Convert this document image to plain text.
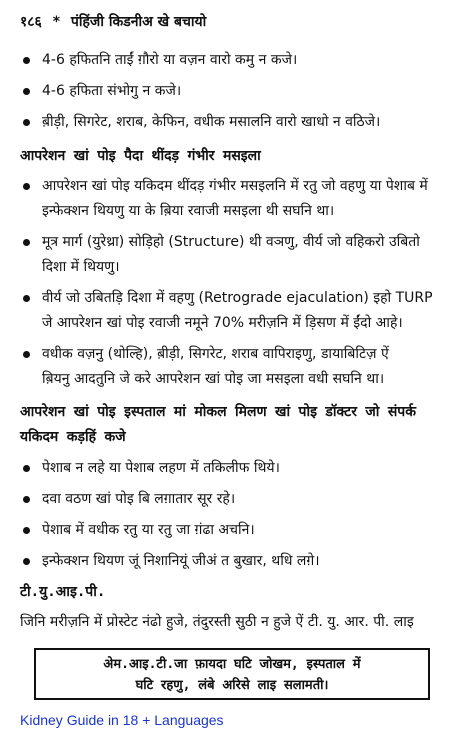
१८६ * पंहिंजी किडनीअ खे बचायो
4-6 हफितनि ताईं ग़ौरो या वज़न वारो कमु न कजे।
4-6 हफिता संभोगु न कजे।
ब़ीड़ी, सिगरेट, शराब, केफिन, वधीक मसालनि वारो खाधो न वठिजे।
आपरेशन खां पोइ पैदा थींदड़ गंभीर मसइला
आपरेशन खां पोइ यकिदम थींदड़ गंभीर मसइलनि में रतु जो वहणु या पेशाब में
इन्फेक्शन थियणु या के ब़िया रवाजी मसइला थी सघनि था।
मूत्र मार्ग (युरेथ्रा) सोड़िहो (Structure) थी वञणु, वीर्य जो वहिकरो उबितो
दिशा में थियणु।
वीर्य जो उबितड़ि दिशा में वहणु (Retrograde ejaculation) इहो TURP
जे आपरेशन खां पोइ रवाजी नमूने 70% मरीज़नि में ड़िसण में ईंदो आहे।
वधीक वज़नु (थोल्हि), ब़ीड़ी, सिगरेट, शराब वापिराइणु, डायाबिटिज़ ऐं
ब़ियनु आदतुनि जे करे आपरेशन खां पोइ जा मसइला वधी सघनि था।
आपरेशन खां पोइ इस्पताल मां मोकल मिलण खां पोइ डॉक्टर जो संपर्क
यकिदम कड़हिं कजे
पेशाब न लहे या पेशाब लहण में तकिलीफ थिये।
दवा वठण खां पोइ बि लग़ातार सूर रहे।
पेशाब में वधीक रतु या रतु जा ग़ंढा अचनि।
इन्फेक्शन थियण जूं निशानियूं जीअं त बुखार, थधि लग़े।
टी.यु.आइ.पी.
जिनि मरीज़नि में प्रोस्टेट नंढो हुजे, तंदुरस्ती सुठी न हुजे ऐं टी. यु. आर. पी. लाइ
अेम.आइ.टी.जा फ़ायदा घटि जोखम, इस्पताल में
घटि रहणु, लंबे अरिसे लाइ सलामती।
Kidney Guide in 18 + Languages
